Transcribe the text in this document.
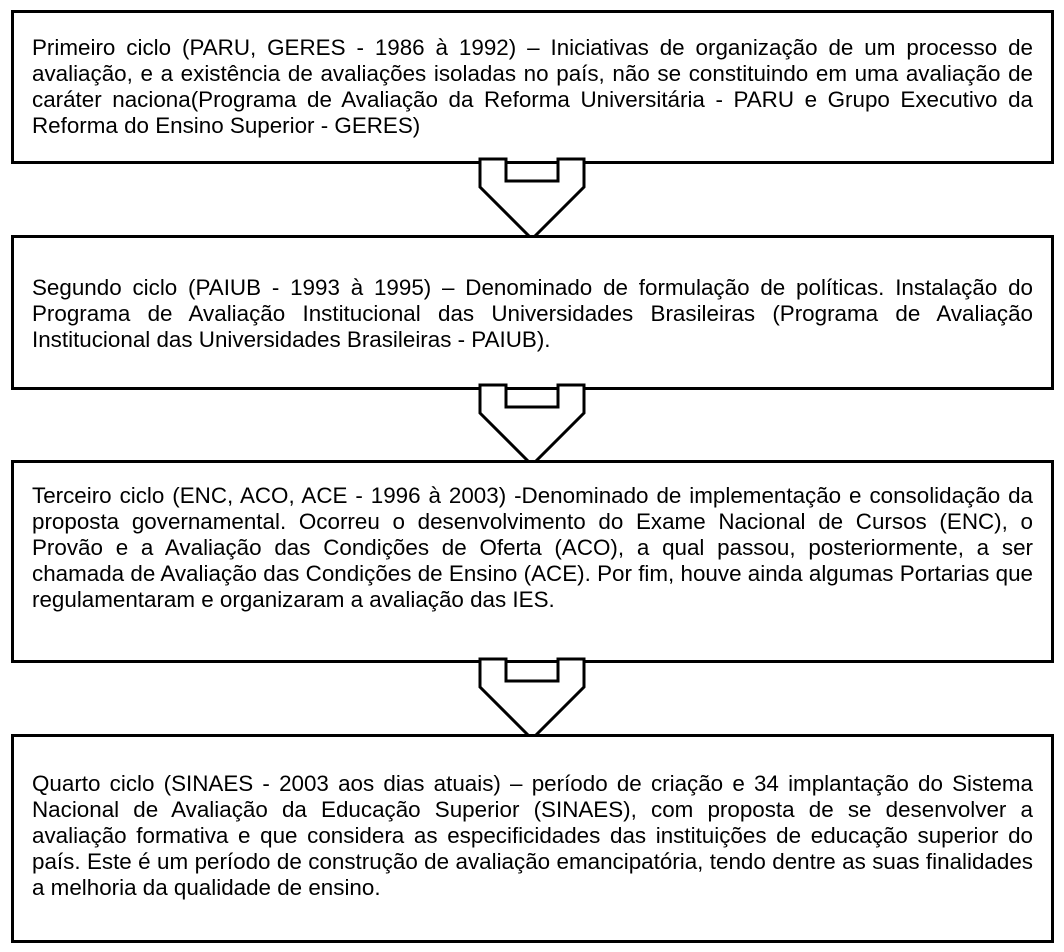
Primeiro ciclo (PARU, GERES - 1986 à 1992) – Iniciativas de organização de um processo de avaliação, e a existência de avaliações isoladas no país, não se constituindo em uma avaliação de caráter naciona(Programa de Avaliação da Reforma Universitária - PARU e Grupo Executivo da Reforma do Ensino Superior - GERES)

Segundo ciclo (PAIUB - 1993 à 1995) – Denominado de formulação de políticas. Instalação do Programa de Avaliação Institucional das Universidades Brasileiras (Programa de Avaliação Institucional das Universidades Brasileiras - PAIUB).

Terceiro ciclo (ENC, ACO, ACE - 1996 à 2003) -Denominado de implementação e consolidação da proposta governamental. Ocorreu o desenvolvimento do Exame Nacional de Cursos (ENC), o Provão e a Avaliação das Condições de Oferta (ACO), a qual passou, posteriormente, a ser chamada de Avaliação das Condições de Ensino (ACE). Por fim, houve ainda algumas Portarias que regulamentaram e organizaram a avaliação das IES.

Quarto ciclo (SINAES - 2003 aos dias atuais) – período de criação e 34 implantação do Sistema Nacional de Avaliação da Educação Superior (SINAES), com proposta de se desenvolver a avaliação formativa e que considera as especificidades das instituições de educação superior do país. Este é um período de construção de avaliação emancipatória, tendo dentre as suas finalidades a melhoria da qualidade de ensino.
